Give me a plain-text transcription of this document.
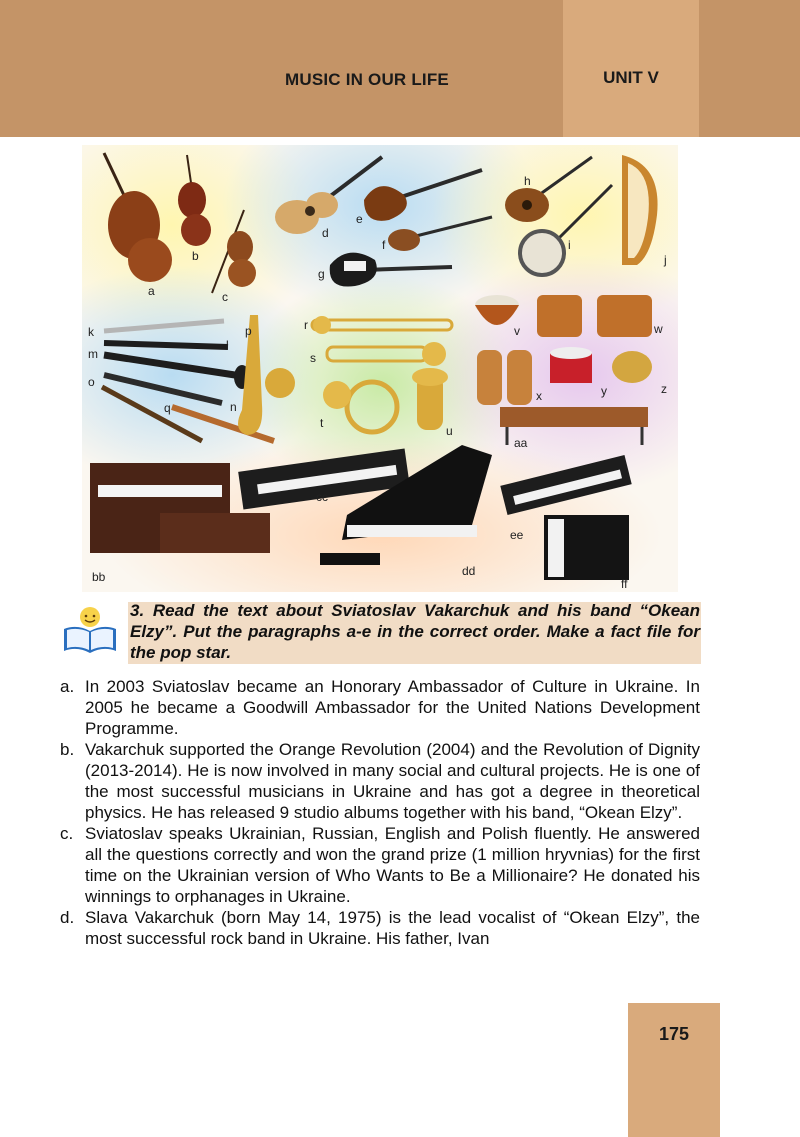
MUSIC IN OUR LIFE	UNIT V
a
b
c
d
e
f
g
h
i
j
k
l
m
n
o
p
q
r
s
t
u
v	w
x	y	z
aa
bb
cc
dd
ee
ff

3. Read the text about Sviatoslav Vakarchuk and his band “Okean Elzy”. Put the paragraphs a-e in the correct order. Make a fact file for the pop star.

a. In 2003 Sviatoslav became an Honorary Ambassador of Culture in Ukraine. In 2005 he became a Goodwill Ambassador for the United Nations Development Programme.
b. Vakarchuk supported the Orange Revolution (2004) and the Revolution of Dignity (2013-2014). He is now involved in many social and cultural projects. He is one of the most successful musicians in Ukraine and has got a degree in theoretical physics. He has released 9 studio albums together with his band, “Okean Elzy”.
c. Sviatoslav speaks Ukrainian, Russian, English and Polish fluently. He answered all the questions correctly and won the grand prize (1 million hryvnias) for the first time on the Ukrainian version of Who Wants to Be a Millionaire? He donated his winnings to orphanages in Ukraine.
d. Slava Vakarchuk (born May 14, 1975) is the lead vocalist of “Okean Elzy”, the most successful rock band in Ukraine. His father, Ivan
175
